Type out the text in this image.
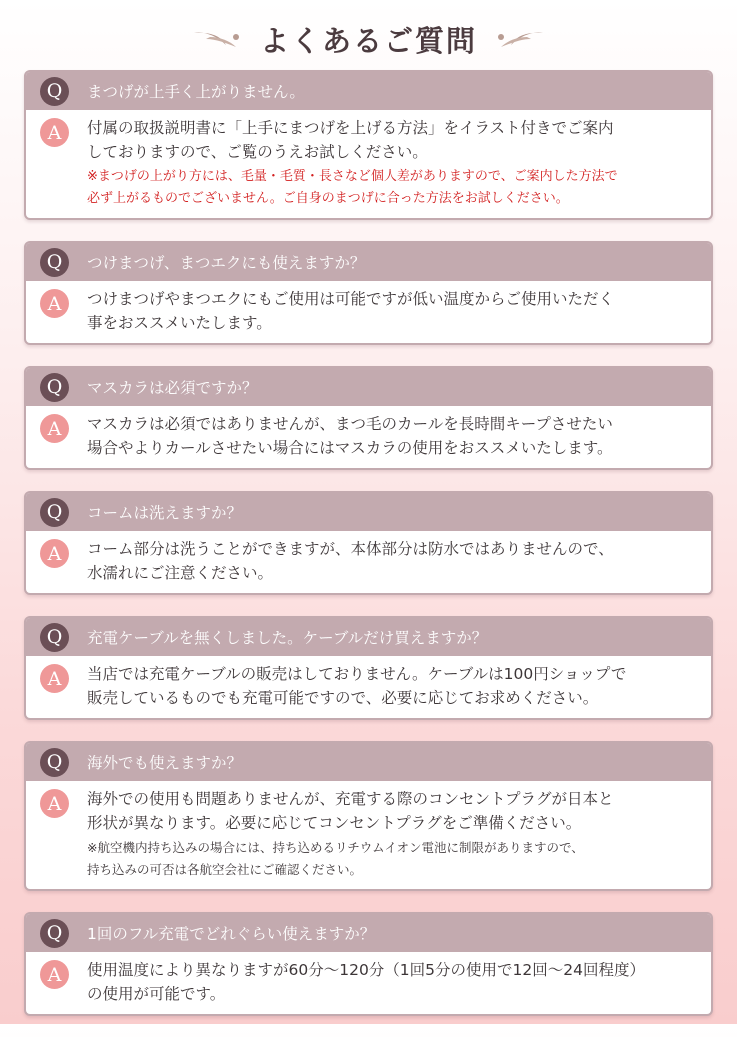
よくあるご質問
Q	まつげが上手く上がりません。
A	付属の取扱説明書に「上手にまつげを上げる方法」をイラスト付きでご案内
しておりますので、ご覧のうえお試しください。
※まつげの上がり方には、毛量・毛質・長さなど個人差がありますので、ご案内した方法で
必ず上がるものでございません。ご自身のまつげに合った方法をお試しください。
Q	つけまつげ、まつエクにも使えますか？
A	つけまつげやまつエクにもご使用は可能ですが低い温度からご使用いただく
事をおススメいたします。
Q	マスカラは必須ですか？
A	マスカラは必須ではありませんが、まつ毛のカールを長時間キープさせたい
場合やよりカールさせたい場合にはマスカラの使用をおススメいたします。
Q	コームは洗えますか？
A	コーム部分は洗うことができますが、本体部分は防水ではありませんので、
水濡れにご注意ください。
Q	充電ケーブルを無くしました。ケーブルだけ買えますか？
A	当店では充電ケーブルの販売はしておりません。ケーブルは100円ショップで
販売しているものでも充電可能ですので、必要に応じてお求めください。
Q	海外でも使えますか？
A	海外での使用も問題ありませんが、充電する際のコンセントプラグが日本と
形状が異なります。必要に応じてコンセントプラグをご準備ください。
※航空機内持ち込みの場合には、持ち込めるリチウムイオン電池に制限がありますので、
持ち込みの可否は各航空会社にご確認ください。
Q	1回のフル充電でどれぐらい使えますか？
A	使用温度により異なりますが60分〜120分（1回5分の使用で12回〜24回程度）
の使用が可能です。
